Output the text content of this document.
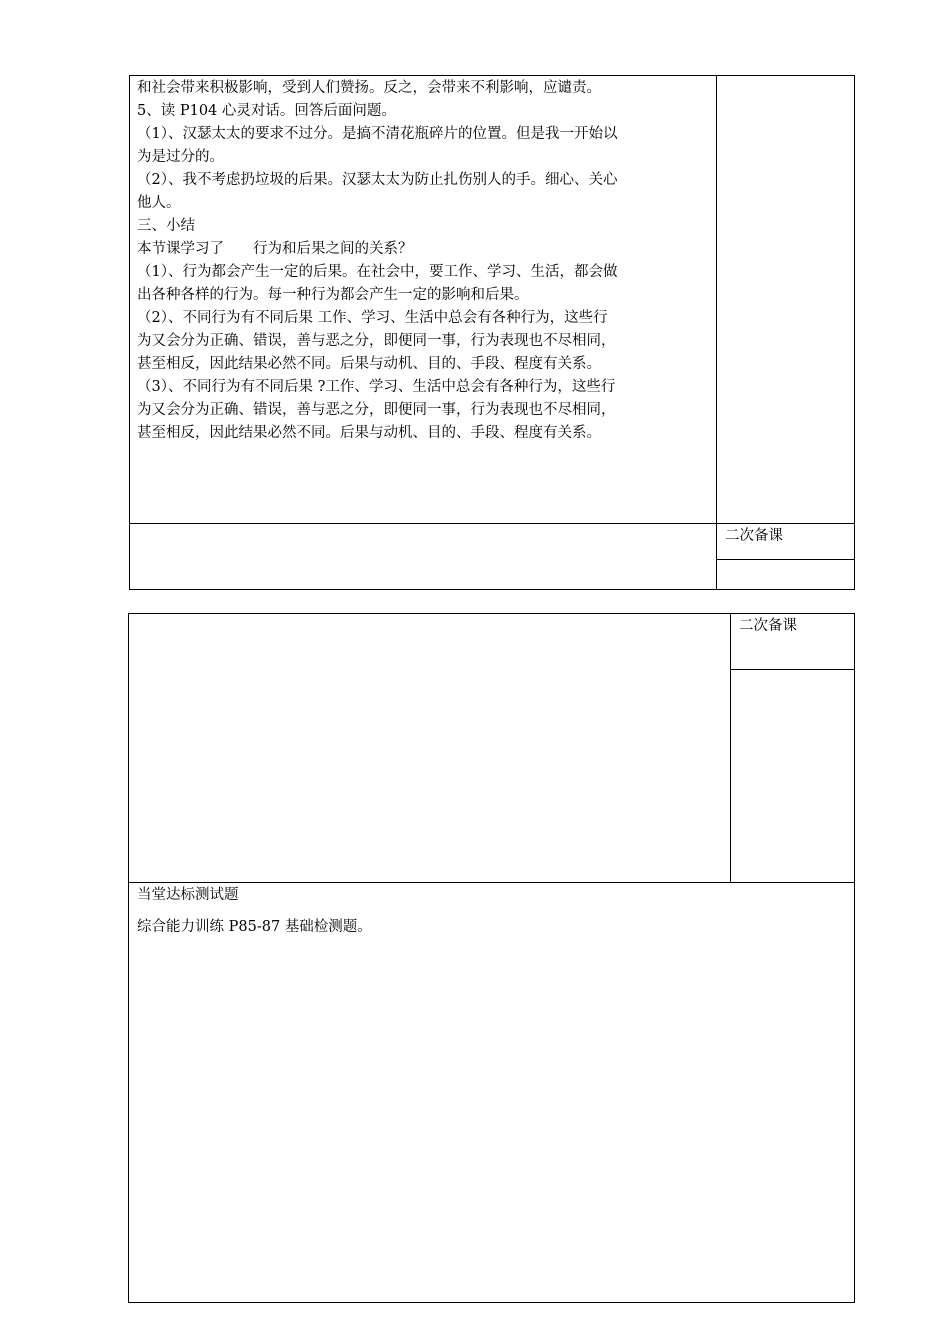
和社会带来积极影响，受到人们赞扬。反之，会带来不利影响，应谴责。
5、读 P104 心灵对话。回答后面问题。
（1）、汉瑟太太的要求不过分。是搞不清花瓶碎片的位置。但是我一开始以
为是过分的。
（2）、我不考虑扔垃圾的后果。汉瑟太太为防止扎伤别人的手。细心、关心
他人。
三、小结
本节课学习了　　行为和后果之间的关系？
（1）、行为都会产生一定的后果。在社会中，要工作、学习、生活，都会做
出各种各样的行为。每一种行为都会产生一定的影响和后果。
（2）、不同行为有不同后果 工作、学习、生活中总会有各种行为，这些行
为又会分为正确、错误，善与恶之分，即便同一事，行为表现也不尽相同，
甚至相反，因此结果必然不同。后果与动机、目的、手段、程度有关系。
（3）、不同行为有不同后果 ?工作、学习、生活中总会有各种行为，这些行
为又会分为正确、错误，善与恶之分，即便同一事，行为表现也不尽相同，
甚至相反，因此结果必然不同。后果与动机、目的、手段、程度有关系。
二次备课
二次备课
当堂达标测试题
综合能力训练 P85-87 基础检测题。
